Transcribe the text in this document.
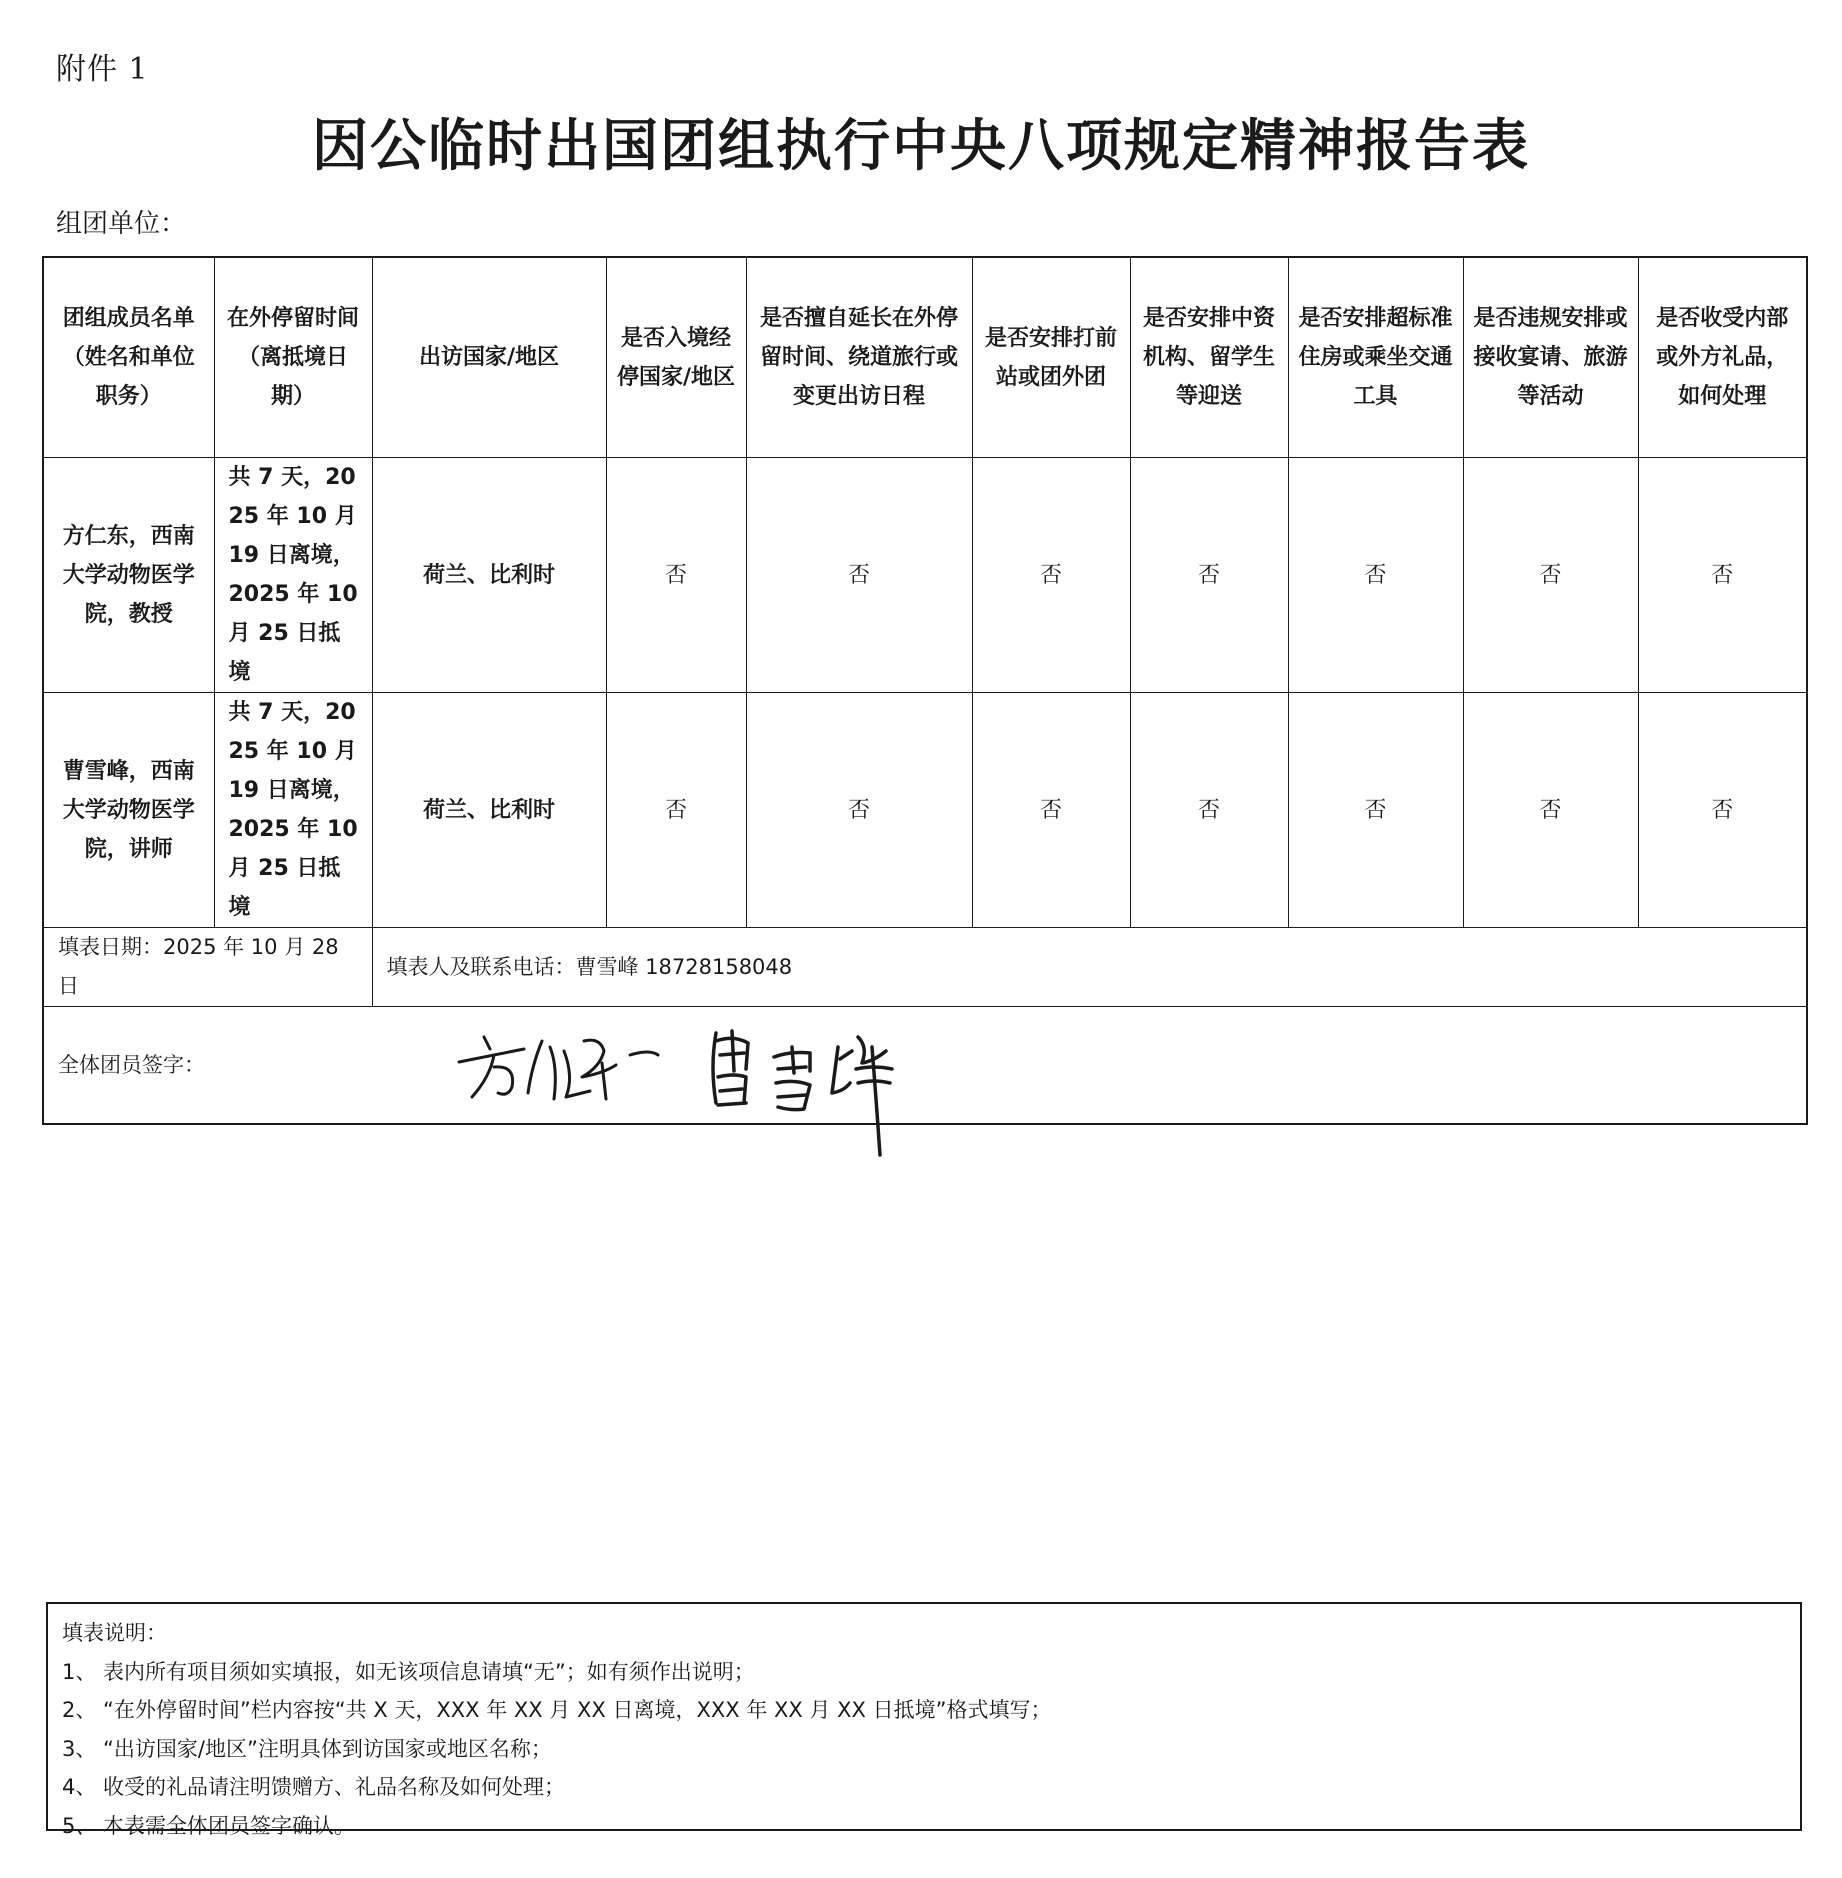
附件 1
因公临时出国团组执行中央八项规定精神报告表
组团单位：
团组成员名单（姓名和单位职务）	在外停留时间（离抵境日期）	出访国家/地区	是否入境经停国家/地区	是否擅自延长在外停留时间、绕道旅行或变更出访日程	是否安排打前站或团外团	是否安排中资机构、留学生等迎送	是否安排超标准住房或乘坐交通工具	是否违规安排或接收宴请、旅游等活动	是否收受内部或外方礼品，如何处理
方仁东，西南大学动物医学院，教授	共 7 天，2025 年 10 月 19 日离境，2025 年 10 月 25 日抵境	荷兰、比利时	否	否	否	否	否	否	否
曹雪峰，西南大学动物医学院，讲师	共 7 天，2025 年 10 月 19 日离境，2025 年 10 月 25 日抵境	荷兰、比利时	否	否	否	否	否	否	否
填表日期：2025 年 10 月 28 日		填表人及联系电话：曹雪峰 18728158048							
全体团员签字：									
填表说明：
1、 表内所有项目须如实填报，如无该项信息请填“无”；如有须作出说明；
2、 “在外停留时间”栏内容按“共 X 天，XXX 年 XX 月 XX 日离境，XXX 年 XX 月 XX 日抵境”格式填写；
3、 “出访国家/地区”注明具体到访国家或地区名称；
4、 收受的礼品请注明馈赠方、礼品名称及如何处理；
5、 本表需全体团员签字确认。
